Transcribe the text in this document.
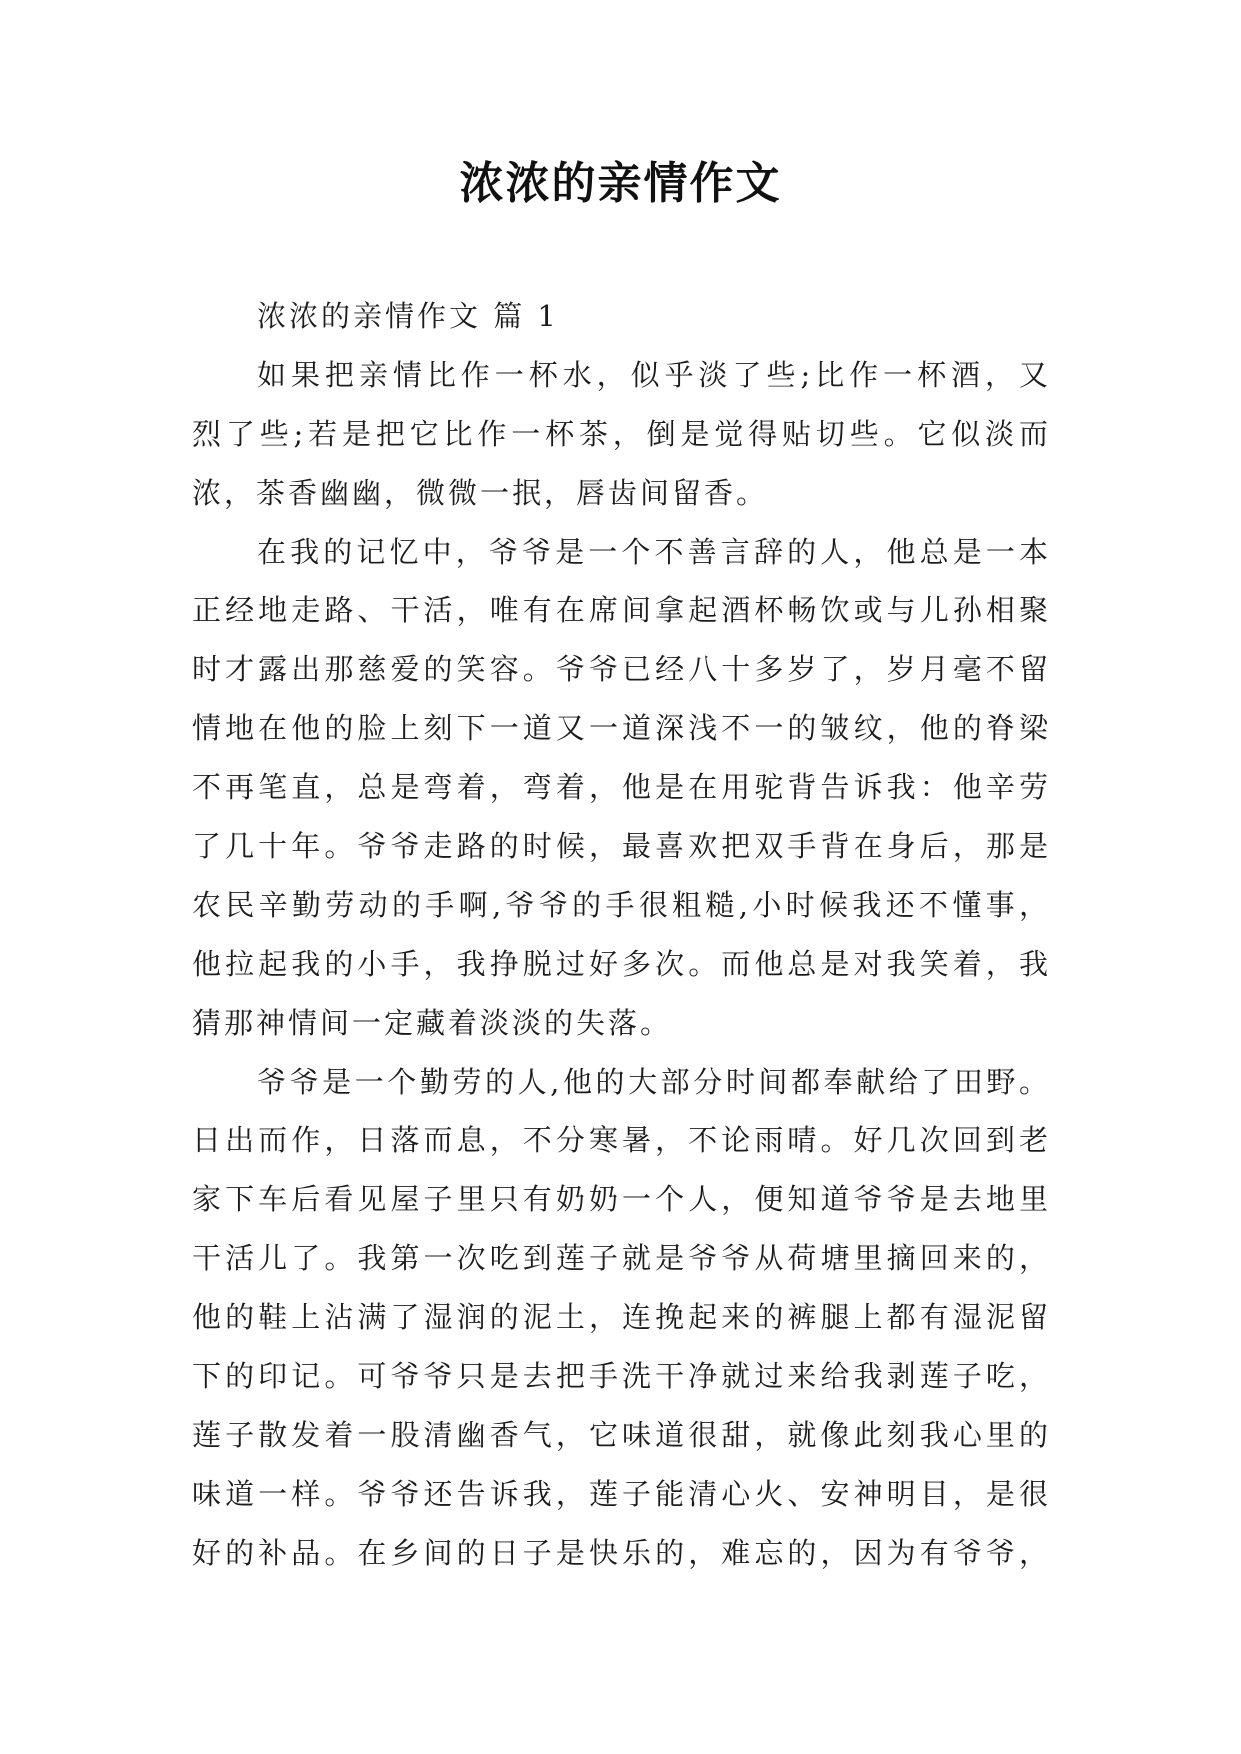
浓浓的亲情作文
浓浓的亲情作文 篇 1
如果把亲情比作一杯水，似乎淡了些;比作一杯酒，又
烈了些;若是把它比作一杯茶，倒是觉得贴切些。它似淡而
浓，茶香幽幽，微微一抿，唇齿间留香。
在我的记忆中，爷爷是一个不善言辞的人，他总是一本
正经地走路、干活，唯有在席间拿起酒杯畅饮或与儿孙相聚
时才露出那慈爱的笑容。爷爷已经八十多岁了，岁月毫不留
情地在他的脸上刻下一道又一道深浅不一的皱纹，他的脊梁
不再笔直，总是弯着，弯着，他是在用驼背告诉我：他辛劳
了几十年。爷爷走路的时候，最喜欢把双手背在身后，那是
农民辛勤劳动的手啊,爷爷的手很粗糙,小时候我还不懂事，
他拉起我的小手，我挣脱过好多次。而他总是对我笑着，我
猜那神情间一定藏着淡淡的失落。
爷爷是一个勤劳的人,他的大部分时间都奉献给了田野。
日出而作，日落而息，不分寒暑，不论雨晴。好几次回到老
家下车后看见屋子里只有奶奶一个人，便知道爷爷是去地里
干活儿了。我第一次吃到莲子就是爷爷从荷塘里摘回来的，
他的鞋上沾满了湿润的泥土，连挽起来的裤腿上都有湿泥留
下的印记。可爷爷只是去把手洗干净就过来给我剥莲子吃，
莲子散发着一股清幽香气，它味道很甜，就像此刻我心里的
味道一样。爷爷还告诉我，莲子能清心火、安神明目，是很
好的补品。在乡间的日子是快乐的，难忘的，因为有爷爷，
